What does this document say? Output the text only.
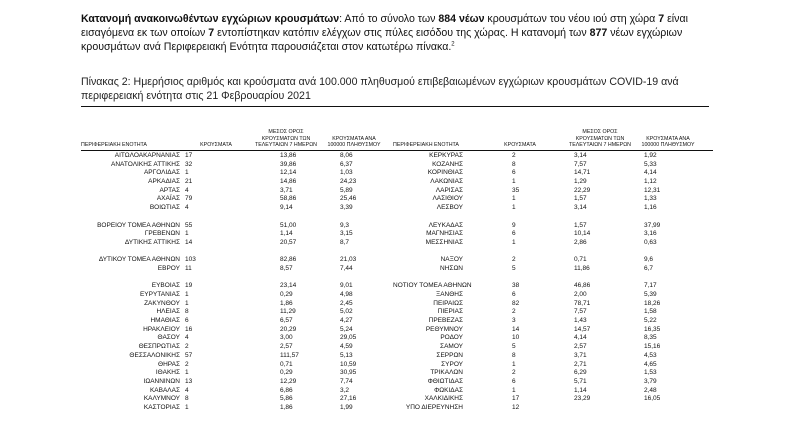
Κατανομή ανακοινωθέντων εγχώριων κρουσμάτων: Από το σύνολο των 884 νέων κρουσμάτων του νέου ιού στη χώρα 7 είναι εισαγόμενα εκ των οποίων 7 εντοπίστηκαν κατόπιν ελέγχων στις πύλες εισόδου της χώρας. Η κατανομή των 877 νέων εγχώριων κρουσμάτων ανά Περιφερειακή Ενότητα παρουσιάζεται στον κατωτέρω πίνακα.$^2$
Πίνακας 2: Ημερήσιος αριθμός και κρούσματα ανά 100.000 πληθυσμού επιβεβαιωμένων εγχώριων κρουσμάτων COVID-19 ανά περιφερειακή ενότητα στις 21 Φεβρουαρίου 2021
ΠΕΡΙΦΕΡΕΙΑΚΗ ΕΝΟΤΗΤΑ	ΚΡΟΥΣΜΑΤΑ
ΜΕΣΟΣ ΟΡΟΣ ΚΡΟΥΣΜΑΤΩΝ ΤΩΝ ΤΕΛΕΥΤΑΙΩΝ 7 ΗΜΕΡΩΝ
ΚΡΟΥΣΜΑΤΑ ΑΝΑ 100000 ΠΛΗΘΥΣΜΟΥ	ΠΕΡΙΦΕΡΕΙΑΚΗ ΕΝΟΤΗΤΑ	ΚΡΟΥΣΜΑΤΑ
ΜΕΣΟΣ ΟΡΟΣ ΚΡΟΥΣΜΑΤΩΝ ΤΩΝ ΤΕΛΕΥΤΑΙΩΝ 7 ΗΜΕΡΩΝ
ΚΡΟΥΣΜΑΤΑ ΑΝΑ 100000 ΠΛΗΘΥΣΜΟΥ
ΑΙΤΩΛΟΑΚΑΡΝΑΝΙΑΣ 17	13,86	8,06
ΑΝΑΤΟΛΙΚΗΣ ΑΤΤΙΚΗΣ 32	39,86	6,37
ΑΡΓΟΛΙΔΑΣ 1	12,14	1,03
ΑΡΚΑΔΙΑΣ 21	14,86	24,23
ΑΡΤΑΣ 4	3,71	5,89
ΑΧΑΪΑΣ 79	58,86	25,46
ΒΟΙΩΤΙΑΣ 4	9,14	3,39
ΒΟΡΕΙΟΥ ΤΟΜΕΑ ΑΘΗΝΩΝ 55	51,00	9,3
ΓΡΕΒΕΝΩΝ 1	1,14	3,15
ΔΥΤΙΚΗΣ ΑΤΤΙΚΗΣ 14	20,57	8,7
ΔΥΤΙΚΟΥ ΤΟΜΕΑ ΑΘΗΝΩΝ 103	82,86	21,03
ΕΒΡΟΥ 11	8,57	7,44
ΕΥΒΟΙΑΣ 19	23,14	9,01
ΕΥΡΥΤΑΝΙΑΣ 1	0,29	4,98
ΖΑΚΥΝΘΟΥ 1	1,86	2,45
ΗΛΕΙΑΣ 8	11,29	5,02
ΗΜΑΘΙΑΣ 6	6,57	4,27
ΗΡΑΚΛΕΙΟΥ 16	20,29	5,24
ΘΑΣΟΥ 4	3,00	29,05
ΘΕΣΠΡΩΤΙΑΣ 2	2,57	4,59
ΘΕΣΣΑΛΟΝΙΚΗΣ 57	111,57	5,13
ΘΗΡΑΣ 2	0,71	10,59
ΙΘΑΚΗΣ 1	0,29	30,95
ΙΩΑΝΝΙΝΩΝ 13	12,29	7,74
ΚΑΒΑΛΑΣ 4	6,86	3,2
ΚΑΛΥΜΝΟΥ 8	5,86	27,16
ΚΑΣΤΟΡΙΑΣ 1	1,86	1,99
ΚΕΡΚΥΡΑΣ	2	3,14	1,92
ΚΟΖΑΝΗΣ	8	7,57	5,33
ΚΟΡΙΝΘΙΑΣ	6	14,71	4,14
ΛΑΚΩΝΙΑΣ	1	1,29	1,12
ΛΑΡΙΣΑΣ	35	22,29	12,31
ΛΑΣΙΘΙΟΥ	1	1,57	1,33
ΛΕΣΒΟΥ	1	3,14	1,16
ΛΕΥΚΑΔΑΣ	9	1,57	37,99
ΜΑΓΝΗΣΙΑΣ	6	10,14	3,16
ΜΕΣΣΗΝΙΑΣ	1	2,86	0,63
ΝΑΞΟΥ	2	0,71	9,6
ΝΗΣΩΝ	5	11,86	6,7
ΝΟΤΙΟΥ ΤΟΜΕΑ ΑΘΗΝΩΝ	38	46,86	7,17
ΞΑΝΘΗΣ	6	2,00	5,39
ΠΕΙΡΑΙΩΣ	82	78,71	18,26
ΠΙΕΡΙΑΣ	2	7,57	1,58
ΠΡΕΒΕΖΑΣ	3	1,43	5,22
ΡΕΘΥΜΝΟΥ	14	14,57	16,35
ΡΟΔΟΥ	10	4,14	8,35
ΣΑΜΟΥ	5	2,57	15,16
ΣΕΡΡΩΝ	8	3,71	4,53
ΣΥΡΟΥ	1	2,71	4,65
ΤΡΙΚΑΛΩΝ	2	6,29	1,53
ΦΘΙΩΤΙΔΑΣ	6	5,71	3,79
ΦΩΚΙΔΑΣ	1	1,14	2,48
ΧΑΛΚΙΔΙΚΗΣ	17	23,29	16,05
ΥΠΟ ΔΙΕΡΕΥΝΗΣΗ	12
